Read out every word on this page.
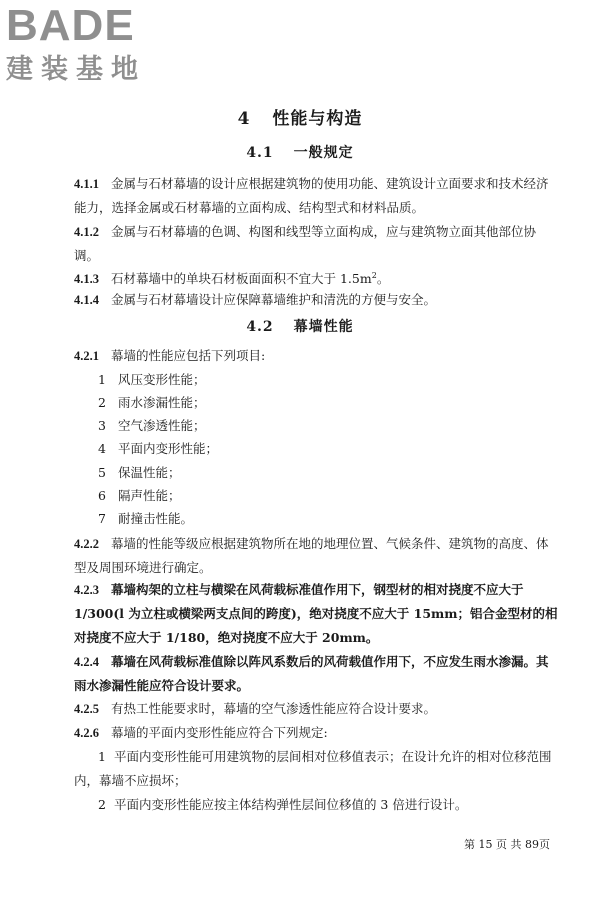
BADE
建装基地
4 性能与构造
4.1 一般规定
4.1.1 金属与石材幕墙的设计应根据建筑物的使用功能、建筑设计立面要求和技术经济能力，选择金属或石材幕墙的立面构成、结构型式和材料品质。
4.1.2 金属与石材幕墙的色调、构图和线型等立面构成，应与建筑物立面其他部位协调。
4.1.3 石材幕墙中的单块石材板面面积不宜大于 $1.5m^2$。
4.1.4 金属与石材幕墙设计应保障幕墙维护和清洗的方便与安全。
4.2 幕墙性能
4.2.1 幕墙的性能应包括下列项目:
1 风压变形性能；
2 雨水渗漏性能；
3 空气渗透性能；
4 平面内变形性能；
5 保温性能；
6 隔声性能；
7 耐撞击性能。
4.2.2 幕墙的性能等级应根据建筑物所在地的地理位置、气候条件、建筑物的高度、体型及周围环境进行确定。
4.2.3 幕墙构架的立柱与横梁在风荷载标准值作用下，钢型材的相对挠度不应大于1/300(l 为立柱或横梁两支点间的跨度)，绝对挠度不应大于 15mm；铝合金型材的相对挠度不应大于 1/180，绝对挠度不应大于 20mm。
4.2.4 幕墙在风荷载标准值除以阵风系数后的风荷载值作用下，不应发生雨水渗漏。其雨水渗漏性能应符合设计要求。
4.2.5 有热工性能要求时，幕墙的空气渗透性能应符合设计要求。
4.2.6 幕墙的平面内变形性能应符合下列规定:
1 平面内变形性能可用建筑物的层间相对位移值表示；在设计允许的相对位移范围内，幕墙不应损坏；
2 平面内变形性能应按主体结构弹性层间位移值的 3 倍进行设计。
第 15 页 共 89页
